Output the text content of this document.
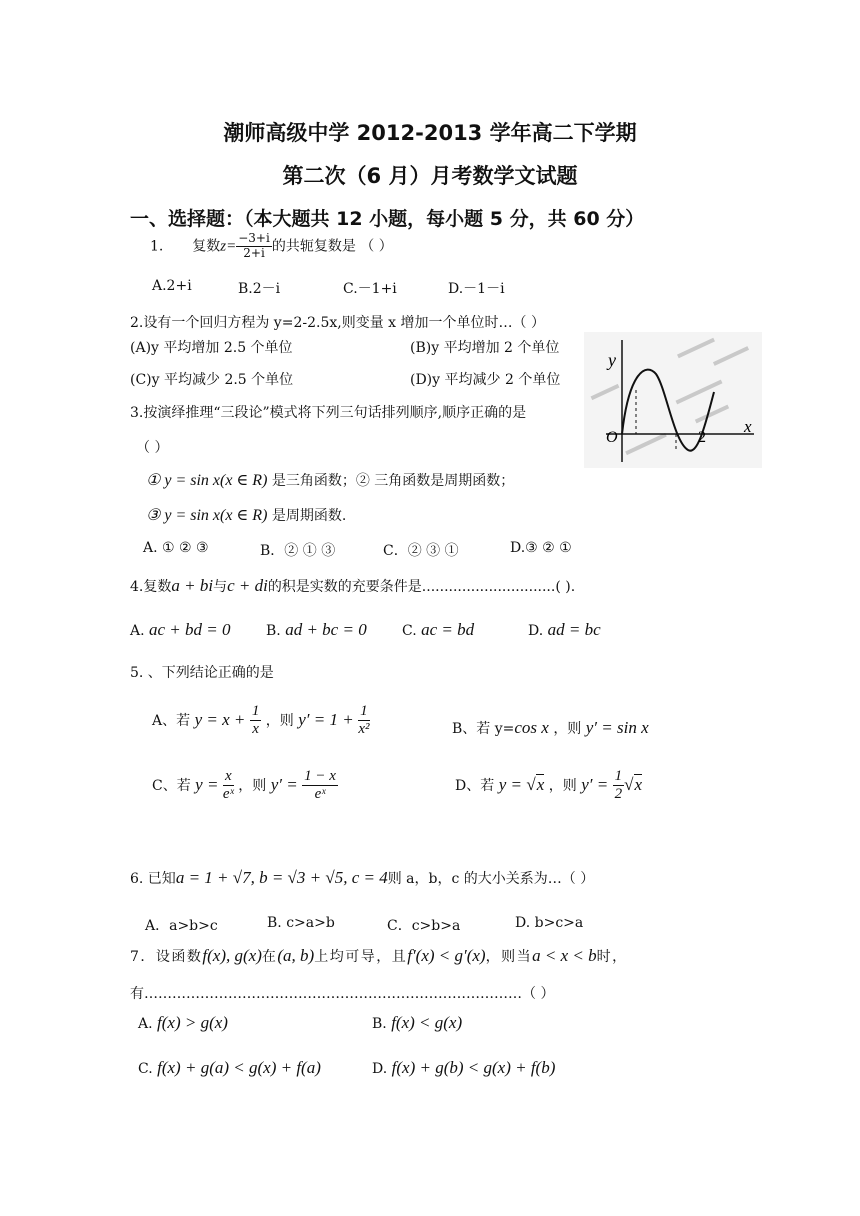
潮师高级中学 2012-2013 学年高二下学期
第二次（6 月）月考数学文试题
一、选择题：（本大题共 12 小题，每小题 5 分，共 60 分）
1. 复数$z= \frac{-3+i}{2+i}$ 的共轭复数是 （ ）
A.2+i	B.2－i	C.－1+i	D.－1－i
2.设有一个回归方程为 y=2-2.5x,则变量 x 增加一个单位时…（ ）
(A)y 平均增加 2.5 个单位	(B)y 平均增加 2 个单位
(C)y 平均减少 2.5 个单位	(D)y 平均减少 2 个单位
y
x
O	2
3.按演绎推理“三段论”模式将下列三句话排列顺序,顺序正确的是
（ ）
① y = sin x(x ∈ R) 是三角函数；② 三角函数是周期函数；
③ y = sin x(x ∈ R) 是周期函数.
A. ① ② ③	B．② ① ③	C．② ③ ①	D.③ ② ①
4.复数a + bi与c + di的积是实数的充要条件是..............................( ).
A. ac + bd = 0	B. ad + bc = 0	C. ac = bd	D. ad = bc
5. 、下列结论正确的是
A、若 $y = x + \frac{1}{x}$ ，则 $y' = 1 + \frac{1}{\text{x²}}$	B、若 y=cos x ，则 y′ = sin x
C、若 $y = \frac{x}{\text{eˣ}}$ ，则 $y' = \frac{1 - x}{\text{eˣ}}$	D、若 y = √x ，则 $y' = \frac{1}{2} √x$
6. 已知a = 1 + √7, b = √3 + √5, c = 4则 a，b，c 的大小关系为…（ ）
A．a>b>c	B. c>a>b	C．c>b>a	D. b>c>a
7．设函数f(x), g(x)在(a, b)上均可导，且f′(x) < g′(x)，则当a < x < b时，
有………………………………………………………………………（ ）
A. f(x) > g(x)	B. f(x) < g(x)
C. f(x) + g(a) < g(x) + f(a)	D. f(x) + g(b) < g(x) + f(b)
